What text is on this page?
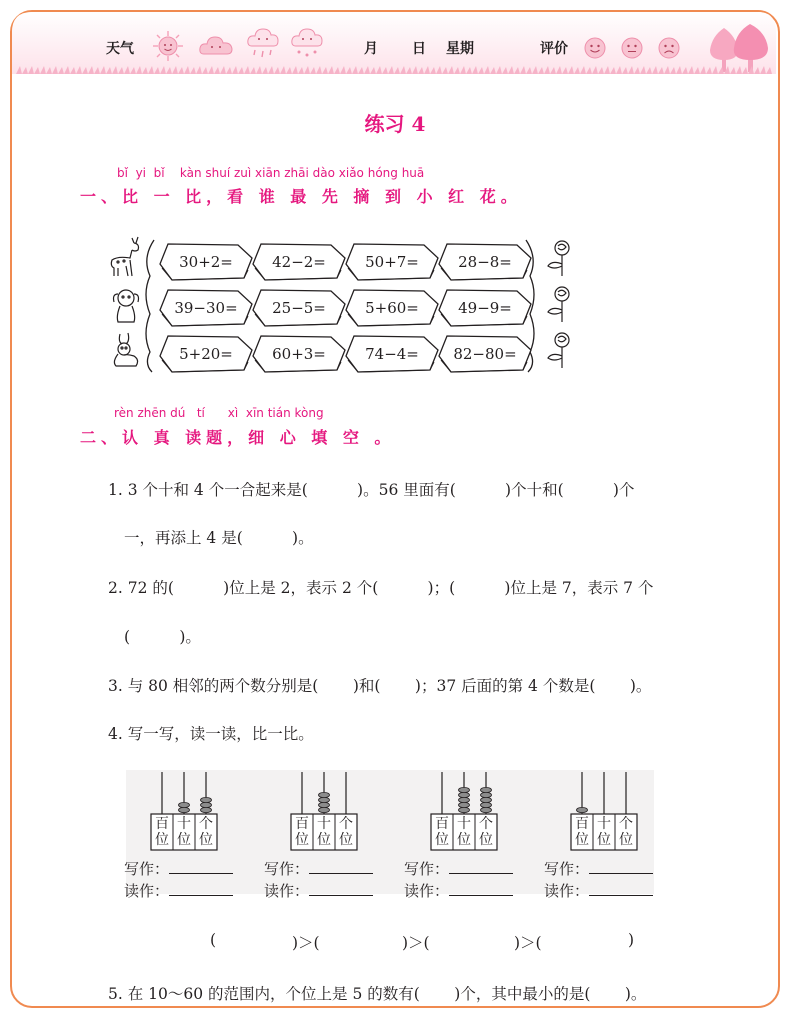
天气	月 日 星期	评价
练习 4
bǐ  yi  bǐ    kàn shuí zuì xiān zhāi dào xiǎo hóng huā
一、比 一 比，看 谁 最 先 摘 到 小 红 花。
30+2=	42−2=	50+7=	28−8=
39−30=	25−5=	5+60=	49−9=
5+20=	60+3=	74−4=	82−80=
rèn zhēn dú   tí      xì  xīn tián kòng
二、认 真 读题，细 心 填 空 。
1. 3 个十和 4 个一合起来是(          )。56 里面有(          )个十和(          )个
一，再添上 4 是(          )。
2. 72 的(          )位上是 2，表示 2 个(          )；(          )位上是 7，表示 7 个
(          )。
3. 与 80 相邻的两个数分别是(       )和(       )；37 后面的第 4 个数是(       )。
4. 写一写，读一读，比一比。
百位
十位
个位
写作：
读作：
百位
十位
个位
写作：
读作：
百位
十位
个位
写作：
读作：
百位
十位
个位
写作：
读作：
(	)＞(	)＞(	)＞(	)
5. 在 10～60 的范围内，个位上是 5 的数有(       )个，其中最小的是(       )。
